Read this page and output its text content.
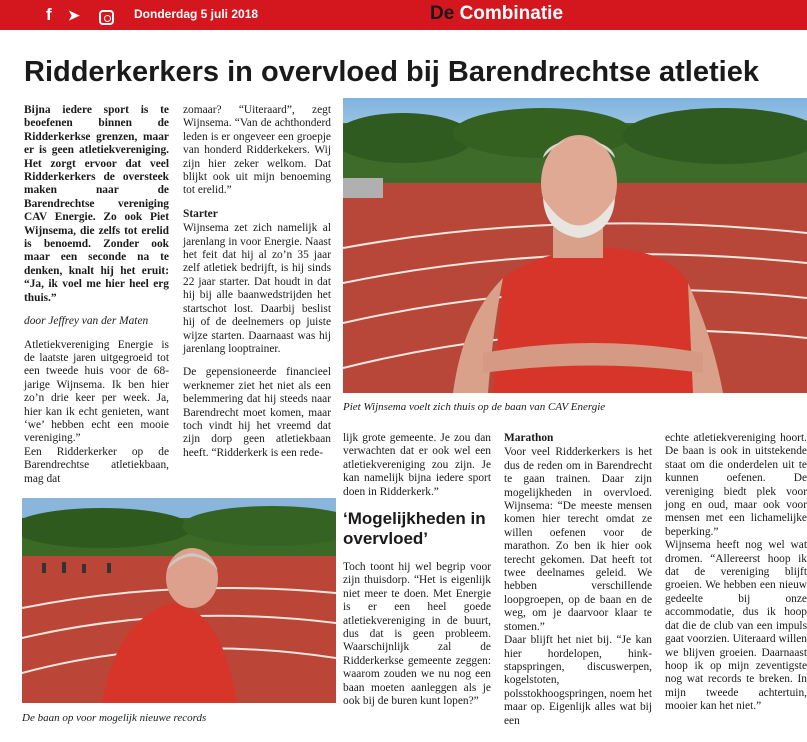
f ➤	Donderdag 5 juli 2018	De Combinatie
Ridderkerkers in overvloed bij Barendrechtse atletiek

Bijna iedere sport is te beoefenen binnen de Ridderkerkse grenzen, maar er is geen atletiekvereniging. Het zorgt ervoor dat veel Ridderkerkers de oversteek maken naar de Barendrechtse vereniging CAV Energie. Zo ook Piet Wijnsema, die zelfs tot erelid is benoemd. Zonder ook maar een seconde na te denken, knalt hij het eruit: “Ja, ik voel me hier heel erg thuis.”

door Jeffrey van der Maten

Atletiekvereniging Energie is de laatste jaren uitgegroeid tot een tweede huis voor de 68-jarige Wijnsema. Ik ben hier zo’n drie keer per week. Ja, hier kan ik echt genieten, want ‘we’ hebben echt een mooie vereniging.”

Een Ridderkerker op de Barendrechtse atletiekbaan, mag dat

zomaar? “Uiteraard”, zegt Wijnsema. “Van de achthonderd leden is er ongeveer een groepje van honderd Ridderkekers. Wij zijn hier zeker welkom. Dat blijkt ook uit mijn benoeming tot erelid.”

Starter

Wijnsema zet zich namelijk al jarenlang in voor Energie. Naast het feit dat hij al zo’n 35 jaar zelf atletiek bedrijft, is hij sinds 22 jaar starter. Dat houdt in dat hij bij alle baanwedstrijden het startschot lost. Daarbij beslist hij of de deelnemers op juiste wijze starten. Daarnaast was hij jarenlang looptrainer.

De gepensioneerde financieel werknemer ziet het niet als een belemmering dat hij steeds naar Barendrecht moet komen, maar toch vindt hij het vreemd dat zijn dorp geen atletiekbaan heeft. “Ridderkerk is een rede-

Piet Wijnsema voelt zich thuis op de baan van CAV Energie

lijk grote gemeente. Je zou dan verwachten dat er ook wel een atletiekvereniging zou zijn. Je kan namelijk bijna iedere sport doen in Ridderkerk.”

‘Mogelijkheden in overvloed’

Toch toont hij wel begrip voor zijn thuisdorp. “Het is eigenlijk niet meer te doen. Met Energie is er een heel goede atletiekvereniging in de buurt, dus dat is geen probleem. Waarschijnlijk zal de Ridderkerkse gemeente zeggen: waarom zouden we nu nog een baan moeten aanleggen als je ook bij de buren kunt lopen?”

Marathon

Voor veel Ridderkerkers is het dus de reden om in Barendrecht te gaan trainen. Daar zijn mogelijkheden in overvloed. Wijnsema: “De meeste mensen komen hier terecht omdat ze willen oefenen voor de marathon. Zo ben ik hier ook terecht gekomen. Dat heeft tot twee deelnames geleid. We hebben verschillende loopgroepen, op de baan en de weg, om je daarvoor klaar te stomen.”

Daar blijft het niet bij. “Je kan hier hordelopen, hink-stapspringen, discuswerpen, kogelstoten, polsstokhoogspringen, noem het maar op. Eigenlijk alles wat bij een

echte atletiekvereniging hoort. De baan is ook in uitstekende staat om die onderdelen uit te kunnen oefenen. De vereniging biedt plek voor jong en oud, maar ook voor mensen met een lichamelijke beperking.”

Wijnsema heeft nog wel wat dromen. “Allereerst hoop ik dat de vereniging blijft groeien. We hebben een nieuw gedeelte bij onze accommodatie, dus ik hoop dat die de club van een impuls gaat voorzien. Uiteraard willen we blijven groeien. Daarnaast hoop ik op mijn zeventigste nog wat records te breken. In mijn tweede achtertuin, mooier kan het niet.”

De baan op voor mogelijk nieuwe records
